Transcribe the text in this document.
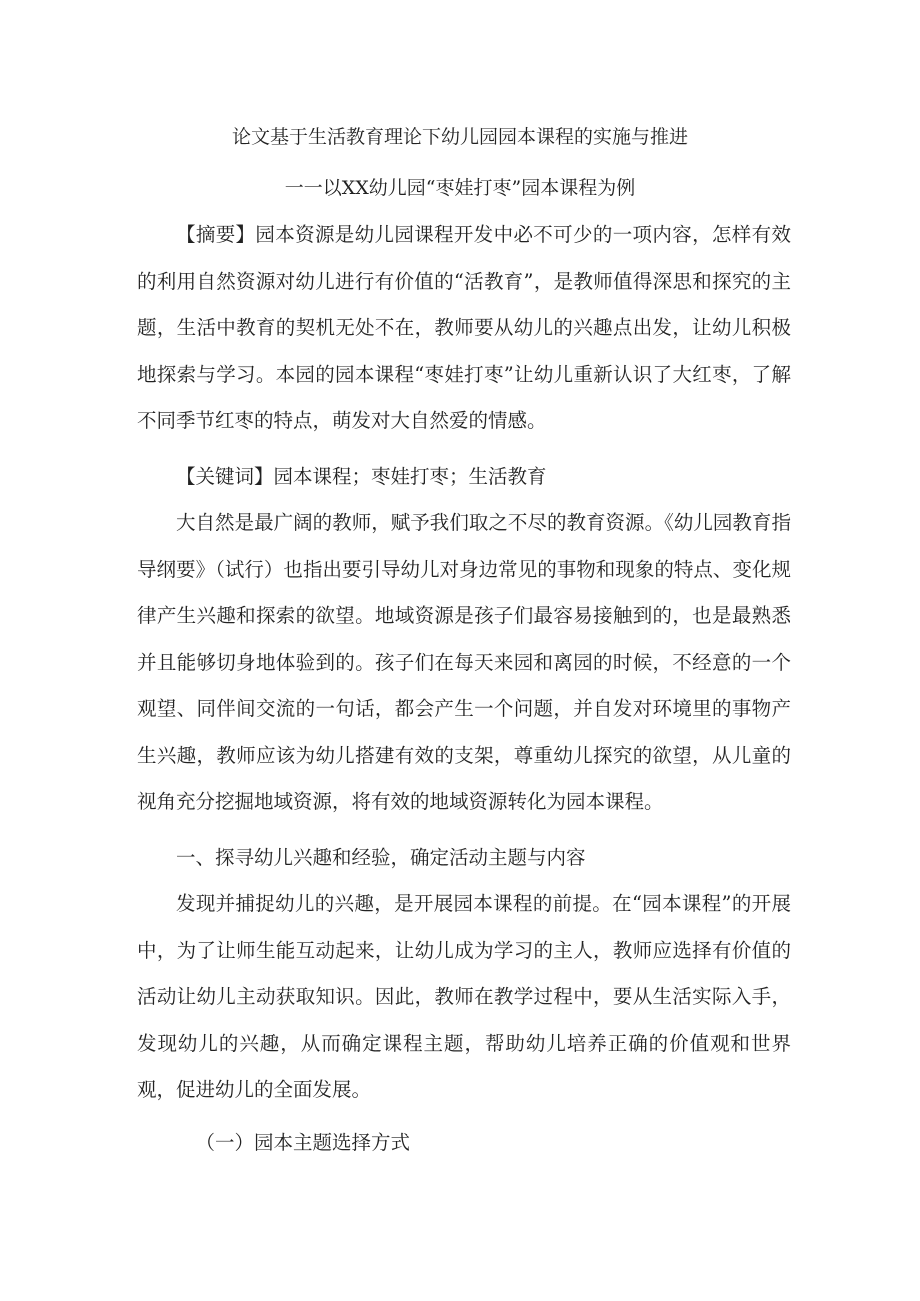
论文基于生活教育理论下幼儿园园本课程的实施与推进
一一以XX幼儿园“枣娃打枣”园本课程为例

【摘要】园本资源是幼儿园课程开发中必不可少的一项内容，怎样有效的利用自然资源对幼儿进行有价值的“活教育”，是教师值得深思和探究的主题，生活中教育的契机无处不在，教师要从幼儿的兴趣点出发，让幼儿积极地探索与学习。本园的园本课程“枣娃打枣”让幼儿重新认识了大红枣，了解不同季节红枣的特点，萌发对大自然爱的情感。

【关键词】园本课程；枣娃打枣；生活教育

大自然是最广阔的教师，赋予我们取之不尽的教育资源。《幼儿园教育指导纲要》（试行）也指出要引导幼儿对身边常见的事物和现象的特点、变化规律产生兴趣和探索的欲望。地域资源是孩子们最容易接触到的，也是最熟悉并且能够切身地体验到的。孩子们在每天来园和离园的时候，不经意的一个观望、同伴间交流的一句话，都会产生一个问题，并自发对环境里的事物产生兴趣，教师应该为幼儿搭建有效的支架，尊重幼儿探究的欲望，从儿童的视角充分挖掘地域资源，将有效的地域资源转化为园本课程。

一、探寻幼儿兴趣和经验，确定活动主题与内容

发现并捕捉幼儿的兴趣，是开展园本课程的前提。在“园本课程”的开展中，为了让师生能互动起来，让幼儿成为学习的主人，教师应选择有价值的活动让幼儿主动获取知识。因此，教师在教学过程中，要从生活实际入手，发现幼儿的兴趣，从而确定课程主题，帮助幼儿培养正确的价值观和世界观，促进幼儿的全面发展。

（一）园本主题选择方式
